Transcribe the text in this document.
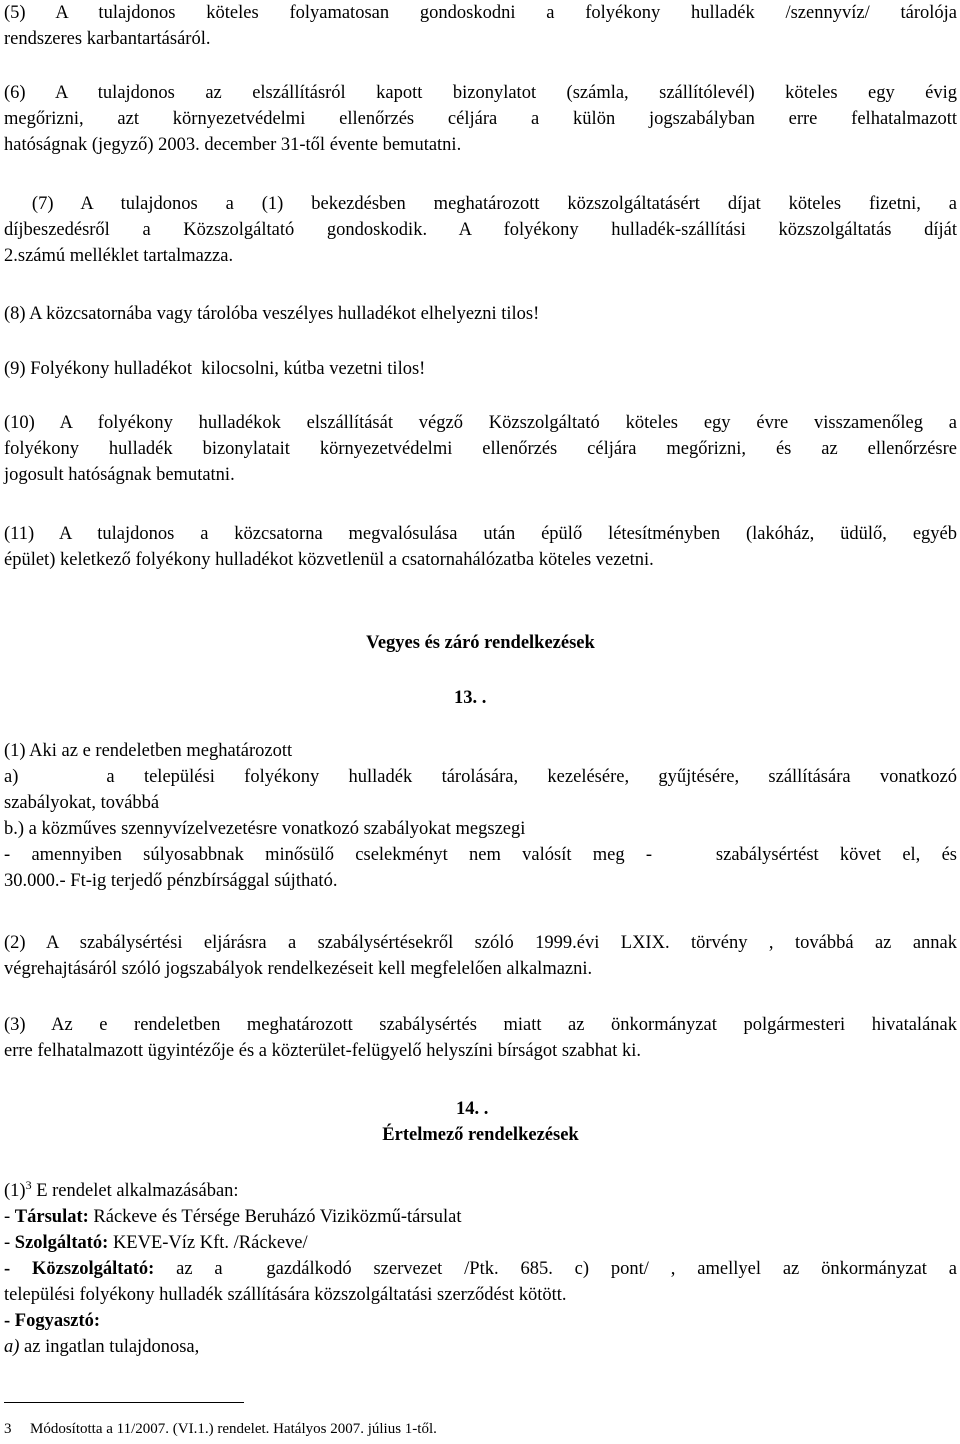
(5) A tulajdonos köteles folyamatosan gondoskodni a folyékony hulladék /szennyvíz/ tárolója
rendszeres karbantartásáról.
(6) A tulajdonos az elszállításról kapott bizonylatot (számla, szállítólevél) köteles egy évig
megőrizni, azt környezetvédelmi ellenőrzés céljára a külön jogszabályban erre felhatalmazott
hatóságnak (jegyző) 2003. december 31-től évente bemutatni.
(7) A tulajdonos a (1) bekezdésben meghatározott közszolgáltatásért díjat köteles fizetni, a
díjbeszedésről a Közszolgáltató gondoskodik. A folyékony hulladék-szállítási közszolgáltatás díját
2.számú melléklet tartalmazza.
(8) A közcsatornába vagy tárolóba veszélyes hulladékot elhelyezni tilos!
(9) Folyékony hulladékot  kilocsolni, kútba vezetni tilos!
(10) A folyékony hulladékok elszállítását végző Közszolgáltató köteles egy évre visszamenőleg a
folyékony hulladék bizonylatait környezetvédelmi ellenőrzés céljára megőrizni, és az ellenőrzésre
jogosult hatóságnak bemutatni.
(11) A tulajdonos a közcsatorna megvalósulása után épülő létesítményben (lakóház, üdülő, egyéb
épület) keletkező folyékony hulladékot közvetlenül a csatornahálózatba köteles vezetni.
Vegyes és záró rendelkezések
13. .
(1) Aki az e rendeletben meghatározott
a)   a települési folyékony hulladék tárolására, kezelésére, gyűjtésére, szállítására vonatkozó
szabályokat, továbbá
b.) a közműves szennyvízelvezetésre vonatkozó szabályokat megszegi
- amennyiben súlyosabbnak minősülő cselekményt nem valósít meg -   szabálysértést követ el, és
30.000.- Ft-ig terjedő pénzbírsággal sújtható.
(2) A szabálysértési eljárásra a szabálysértésekről szóló 1999.évi LXIX. törvény , továbbá az annak
végrehajtásáról szóló jogszabályok rendelkezéseit kell megfelelően alkalmazni.
(3) Az e rendeletben meghatározott szabálysértés miatt az önkormányzat polgármesteri hivatalának
erre felhatalmazott ügyintézője és a közterület-felügyelő helyszíni bírságot szabhat ki.
14. .
Értelmező rendelkezések
$(1)^3$ E rendelet alkalmazásában:
- Társulat: Ráckeve és Térsége Beruházó Viziközmű-társulat
- Szolgáltató: KEVE-Víz Kft. /Ráckeve/
- Közszolgáltató: az a  gazdálkodó szervezet /Ptk. 685. c) pont/ , amellyel az önkormányzat a
települési folyékony hulladék szállítására közszolgáltatási szerződést kötött.
- Fogyasztó:
a) az ingatlan tulajdonosa,
3 Módosította a 11/2007. (VI.1.) rendelet. Hatályos 2007. július 1-től.
